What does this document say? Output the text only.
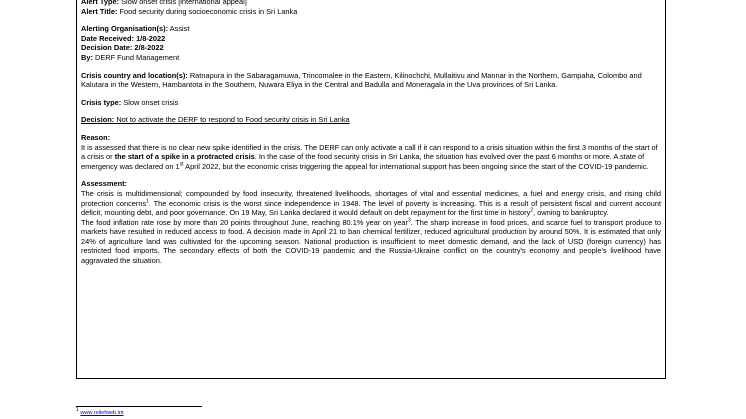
Alert Type: Slow onset crisis [international appeal]

Alert Title: Food security during socioeconomic crisis in Sri Lanka

Alerting Organisation(s): Assist

Date Received: 1/8-2022

Decision Date: 2/8-2022

By: DERF Fund Management

Crisis country and location(s): Ratnapura in the Sabaragamuwa, Trincomalee in the Eastern, Kilinochchi, Mullaitivu and Mannar in the Northern, Gampaha, Colombo and Kalutara in the Western, Hambantota in the Southern, Nuwara Eliya in the Central and Badulla and Moneragala in the Uva provinces of Sri Lanka.

Crisis type: Slow onset crisis

Decision: Not to activate the DERF to respond to Food security crisis in Sri Lanka

Reason:

It is assessed that there is no clear new spike identified in the crisis. The DERF can only activate a call if it can respond to a crisis situation within the first 3 months of the start of a crisis or the start of a spike in a protracted crisis. In the case of the food security crisis in Sri Lanka, the situation has evolved over the past 6 months or more. A state of emergency was declared on 1st April 2022, but the economic crisis triggering the appeal for international support has been ongoing since the start of the COVID-19 pandemic.

Assessment:

The crisis is multidimensional; compounded by food insecurity, threatened livelihoods, shortages of vital and essential medicines, a fuel and energy crisis, and rising child protection concerns$^1$. The economic crisis is the worst since independence in 1948. The level of poverty is increasing. This is a result of persistent fiscal and current account deficit, mounting debt, and poor governance. On 19 May, Sri Lanka declared it would default on debt repayment for the first time in history$^2$, owning to bankruptcy.

The food inflation rate rose by more than 20 points throughout June, reaching 80.1% year on year$^3$. The sharp increase in food prices, and scarce fuel to transport produce to markets have resulted in reduced access to food. A decision made in April 21 to ban chemical fertilizer, reduced agricultural production by around 50%. It is estimated that only 24% of agriculture land was cultivated for the upcoming season. National production is insufficient to meet domestic demand, and the lack of USD (foreign currency) has restricted food imports. The secondary effects of both the COVID-19 pandemic and the Russia-Ukraine conflict on the country's economy and people's livelihood have aggravated the situation.

$^1$ www.reliefweb.int
